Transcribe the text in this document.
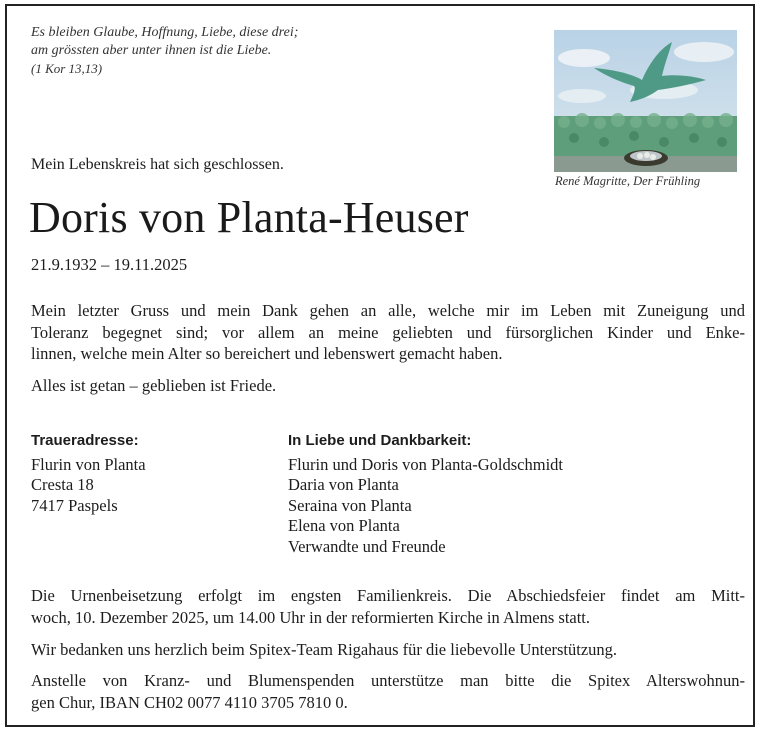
Es bleiben Glaube, Hoffnung, Liebe, diese drei;
am grössten aber unter ihnen ist die Liebe.
(1 Kor 13,13)
René Magritte, Der Frühling
Mein Lebenskreis hat sich geschlossen.
Doris von Planta-Heuser
21.9.1932 – 19.11.2025
Mein letzter Gruss und mein Dank gehen an alle, welche mir im Leben mit Zuneigung und
Toleranz begegnet sind; vor allem an meine geliebten und fürsorglichen Kinder und Enke-
linnen, welche mein Alter so bereichert und lebenswert gemacht haben.
Alles ist getan – geblieben ist Friede.
Traueradresse:
Flurin von Planta
Cresta 18
7417 Paspels
In Liebe und Dankbarkeit:
Flurin und Doris von Planta-Goldschmidt
Daria von Planta
Seraina von Planta
Elena von Planta
Verwandte und Freunde
Die Urnenbeisetzung erfolgt im engsten Familienkreis. Die Abschiedsfeier findet am Mitt-
woch, 10. Dezember 2025, um 14.00 Uhr in der reformierten Kirche in Almens statt.
Wir bedanken uns herzlich beim Spitex-Team Rigahaus für die liebevolle Unterstützung.
Anstelle von Kranz- und Blumenspenden unterstütze man bitte die Spitex Alterswohnun-
gen Chur, IBAN CH02 0077 4110 3705 7810 0.
